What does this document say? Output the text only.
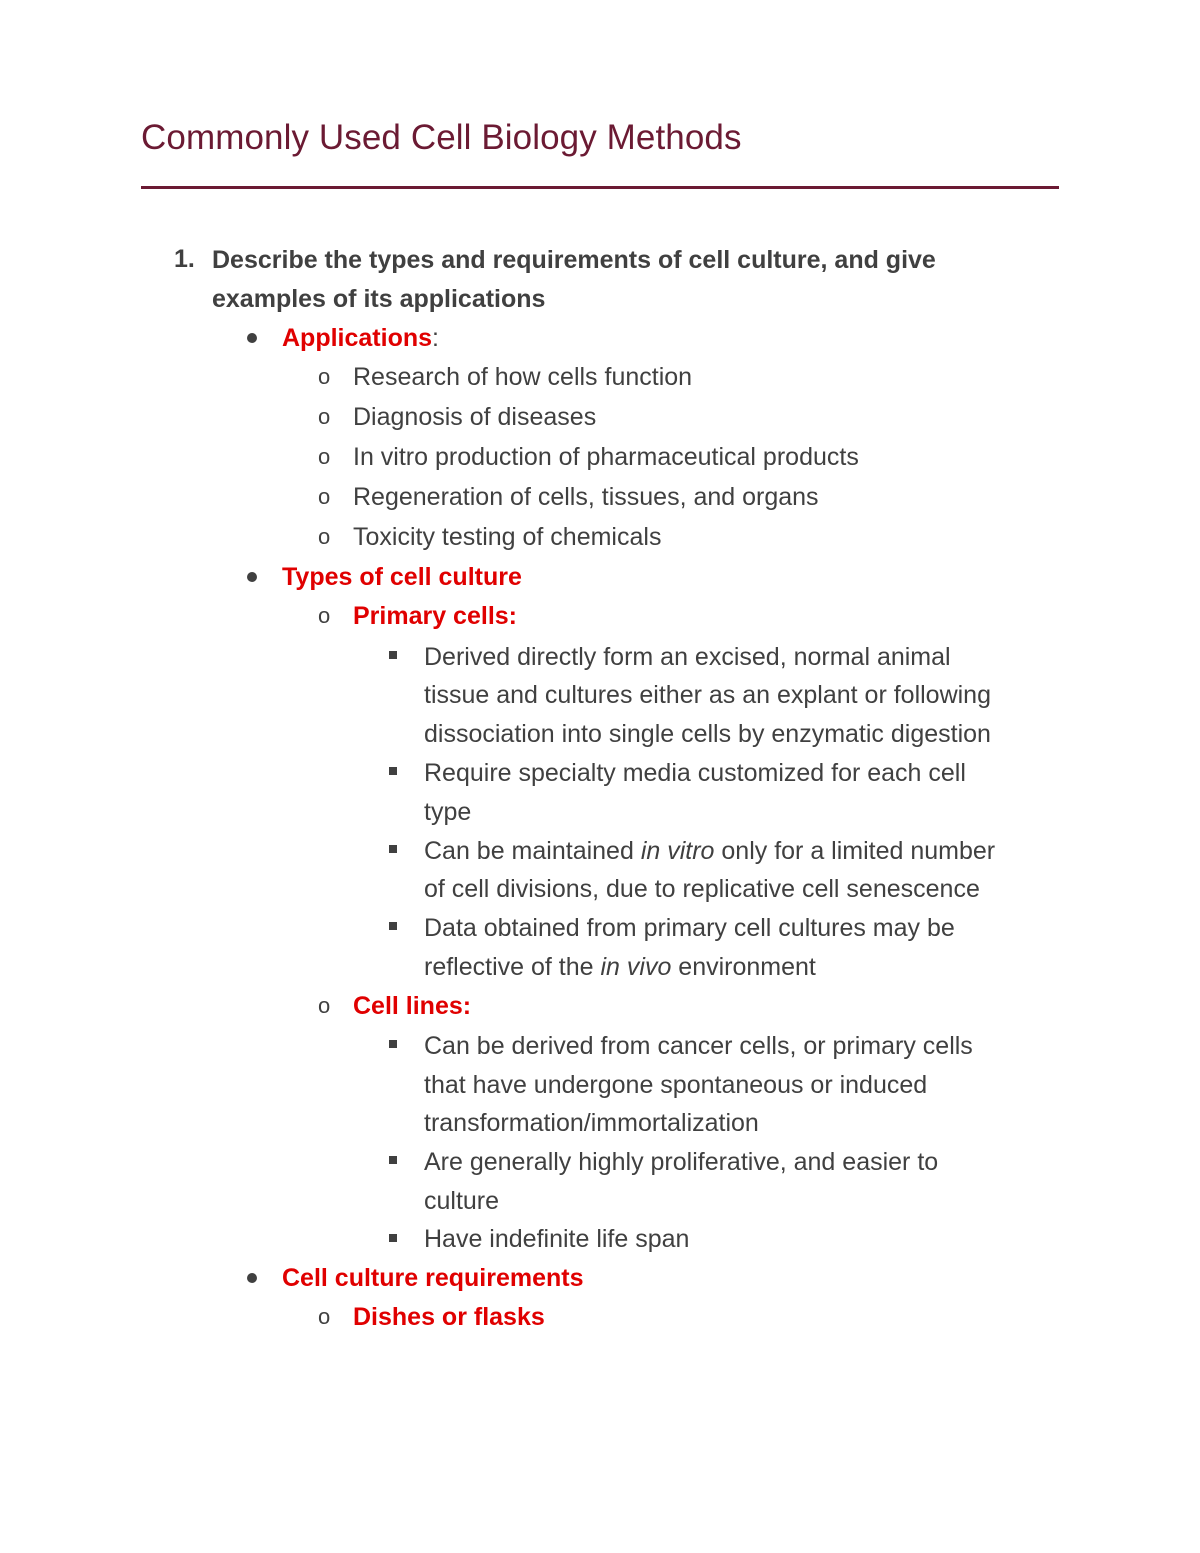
Commonly Used Cell Biology Methods
1. Describe the types and requirements of cell culture, and give
examples of its applications
Applications:
o Research of how cells function
o Diagnosis of diseases
o In vitro production of pharmaceutical products
o Regeneration of cells, tissues, and organs
o Toxicity testing of chemicals
Types of cell culture
o Primary cells:
Derived directly form an excised, normal animal
tissue and cultures either as an explant or following
dissociation into single cells by enzymatic digestion
Require specialty media customized for each cell
type
Can be maintained in vitro only for a limited number
of cell divisions, due to replicative cell senescence
Data obtained from primary cell cultures may be
reflective of the in vivo environment
o Cell lines:
Can be derived from cancer cells, or primary cells
that have undergone spontaneous or induced
transformation/immortalization
Are generally highly proliferative, and easier to
culture
Have indefinite life span
Cell culture requirements
o Dishes or flasks
